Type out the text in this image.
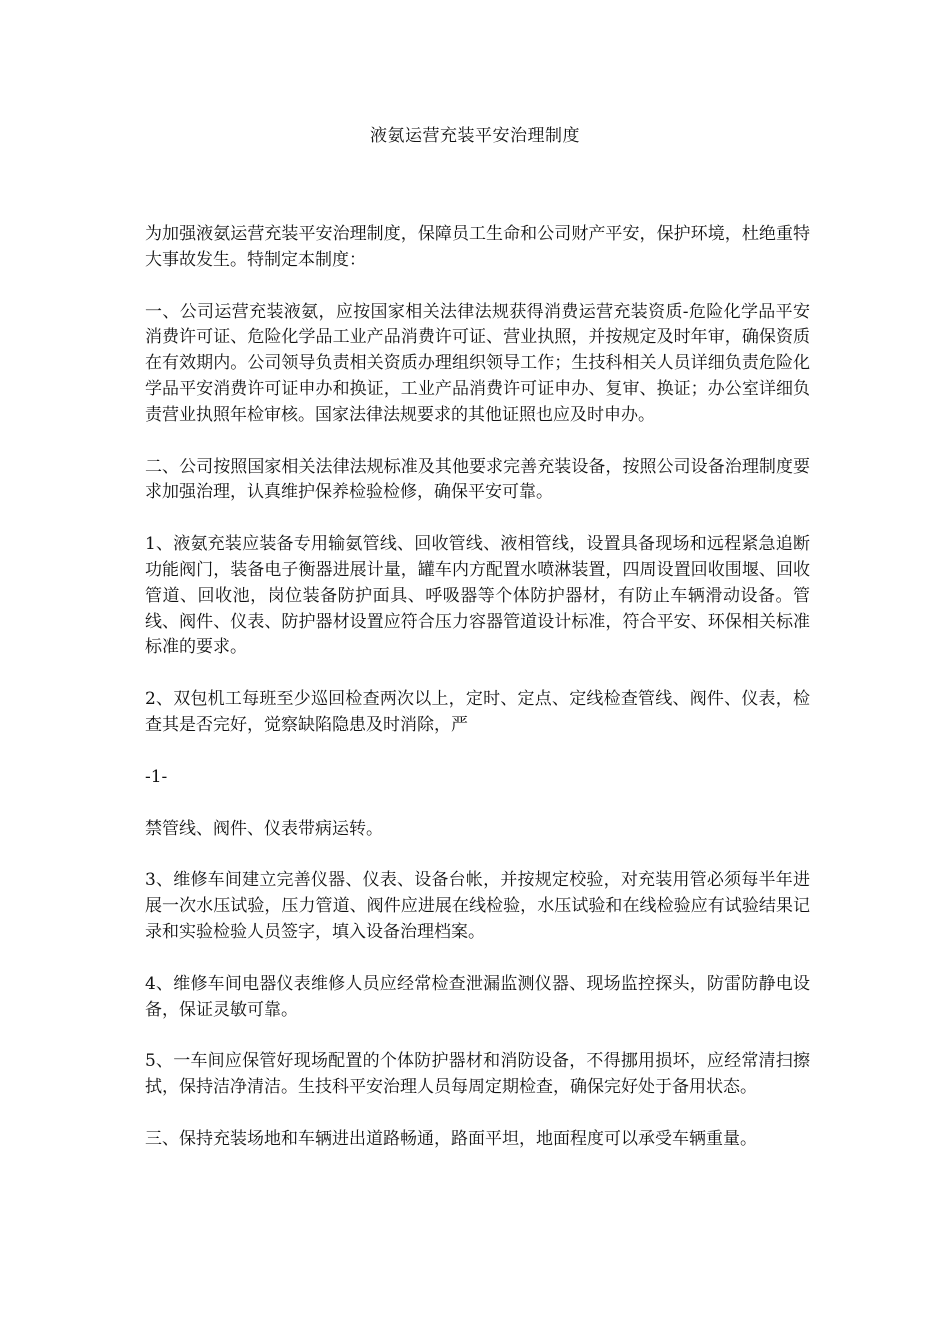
液氨运营充装平安治理制度

为加强液氨运营充装平安治理制度，保障员工生命和公司财产平安，保护环境，杜绝重特大事故发生。特制定本制度：

一、公司运营充装液氨，应按国家相关法律法规获得消费运营充装资质-危险化学品平安消费许可证、危险化学品工业产品消费许可证、营业执照，并按规定及时年审，确保资质在有效期内。公司领导负责相关资质办理组织领导工作；生技科相关人员详细负责危险化学品平安消费许可证申办和换证，工业产品消费许可证申办、复审、换证；办公室详细负责营业执照年检审核。国家法律法规要求的其他证照也应及时申办。

二、公司按照国家相关法律法规标准及其他要求完善充装设备，按照公司设备治理制度要求加强治理，认真维护保养检验检修，确保平安可靠。

1、液氨充装应装备专用输氨管线、回收管线、液相管线，设置具备现场和远程紧急追断功能阀门，装备电子衡器进展计量，罐车内方配置水喷淋装置，四周设置回收围堰、回收管道、回收池，岗位装备防护面具、呼吸器等个体防护器材，有防止车辆滑动设备。管线、阀件、仪表、防护器材设置应符合压力容器管道设计标准，符合平安、环保相关标准标准的要求。

2、双包机工每班至少巡回检查两次以上，定时、定点、定线检查管线、阀件、仪表，检查其是否完好，觉察缺陷隐患及时消除，严

-1-

禁管线、阀件、仪表带病运转。

3、维修车间建立完善仪器、仪表、设备台帐，并按规定校验，对充装用管必须每半年进展一次水压试验，压力管道、阀件应进展在线检验，水压试验和在线检验应有试验结果记录和实验检验人员签字，填入设备治理档案。

4、维修车间电器仪表维修人员应经常检查泄漏监测仪器、现场监控探头，防雷防静电设备，保证灵敏可靠。

5、一车间应保管好现场配置的个体防护器材和消防设备，不得挪用损坏，应经常清扫擦拭，保持洁净清洁。生技科平安治理人员每周定期检查，确保完好处于备用状态。

三、保持充装场地和车辆进出道路畅通，路面平坦，地面程度可以承受车辆重量。
